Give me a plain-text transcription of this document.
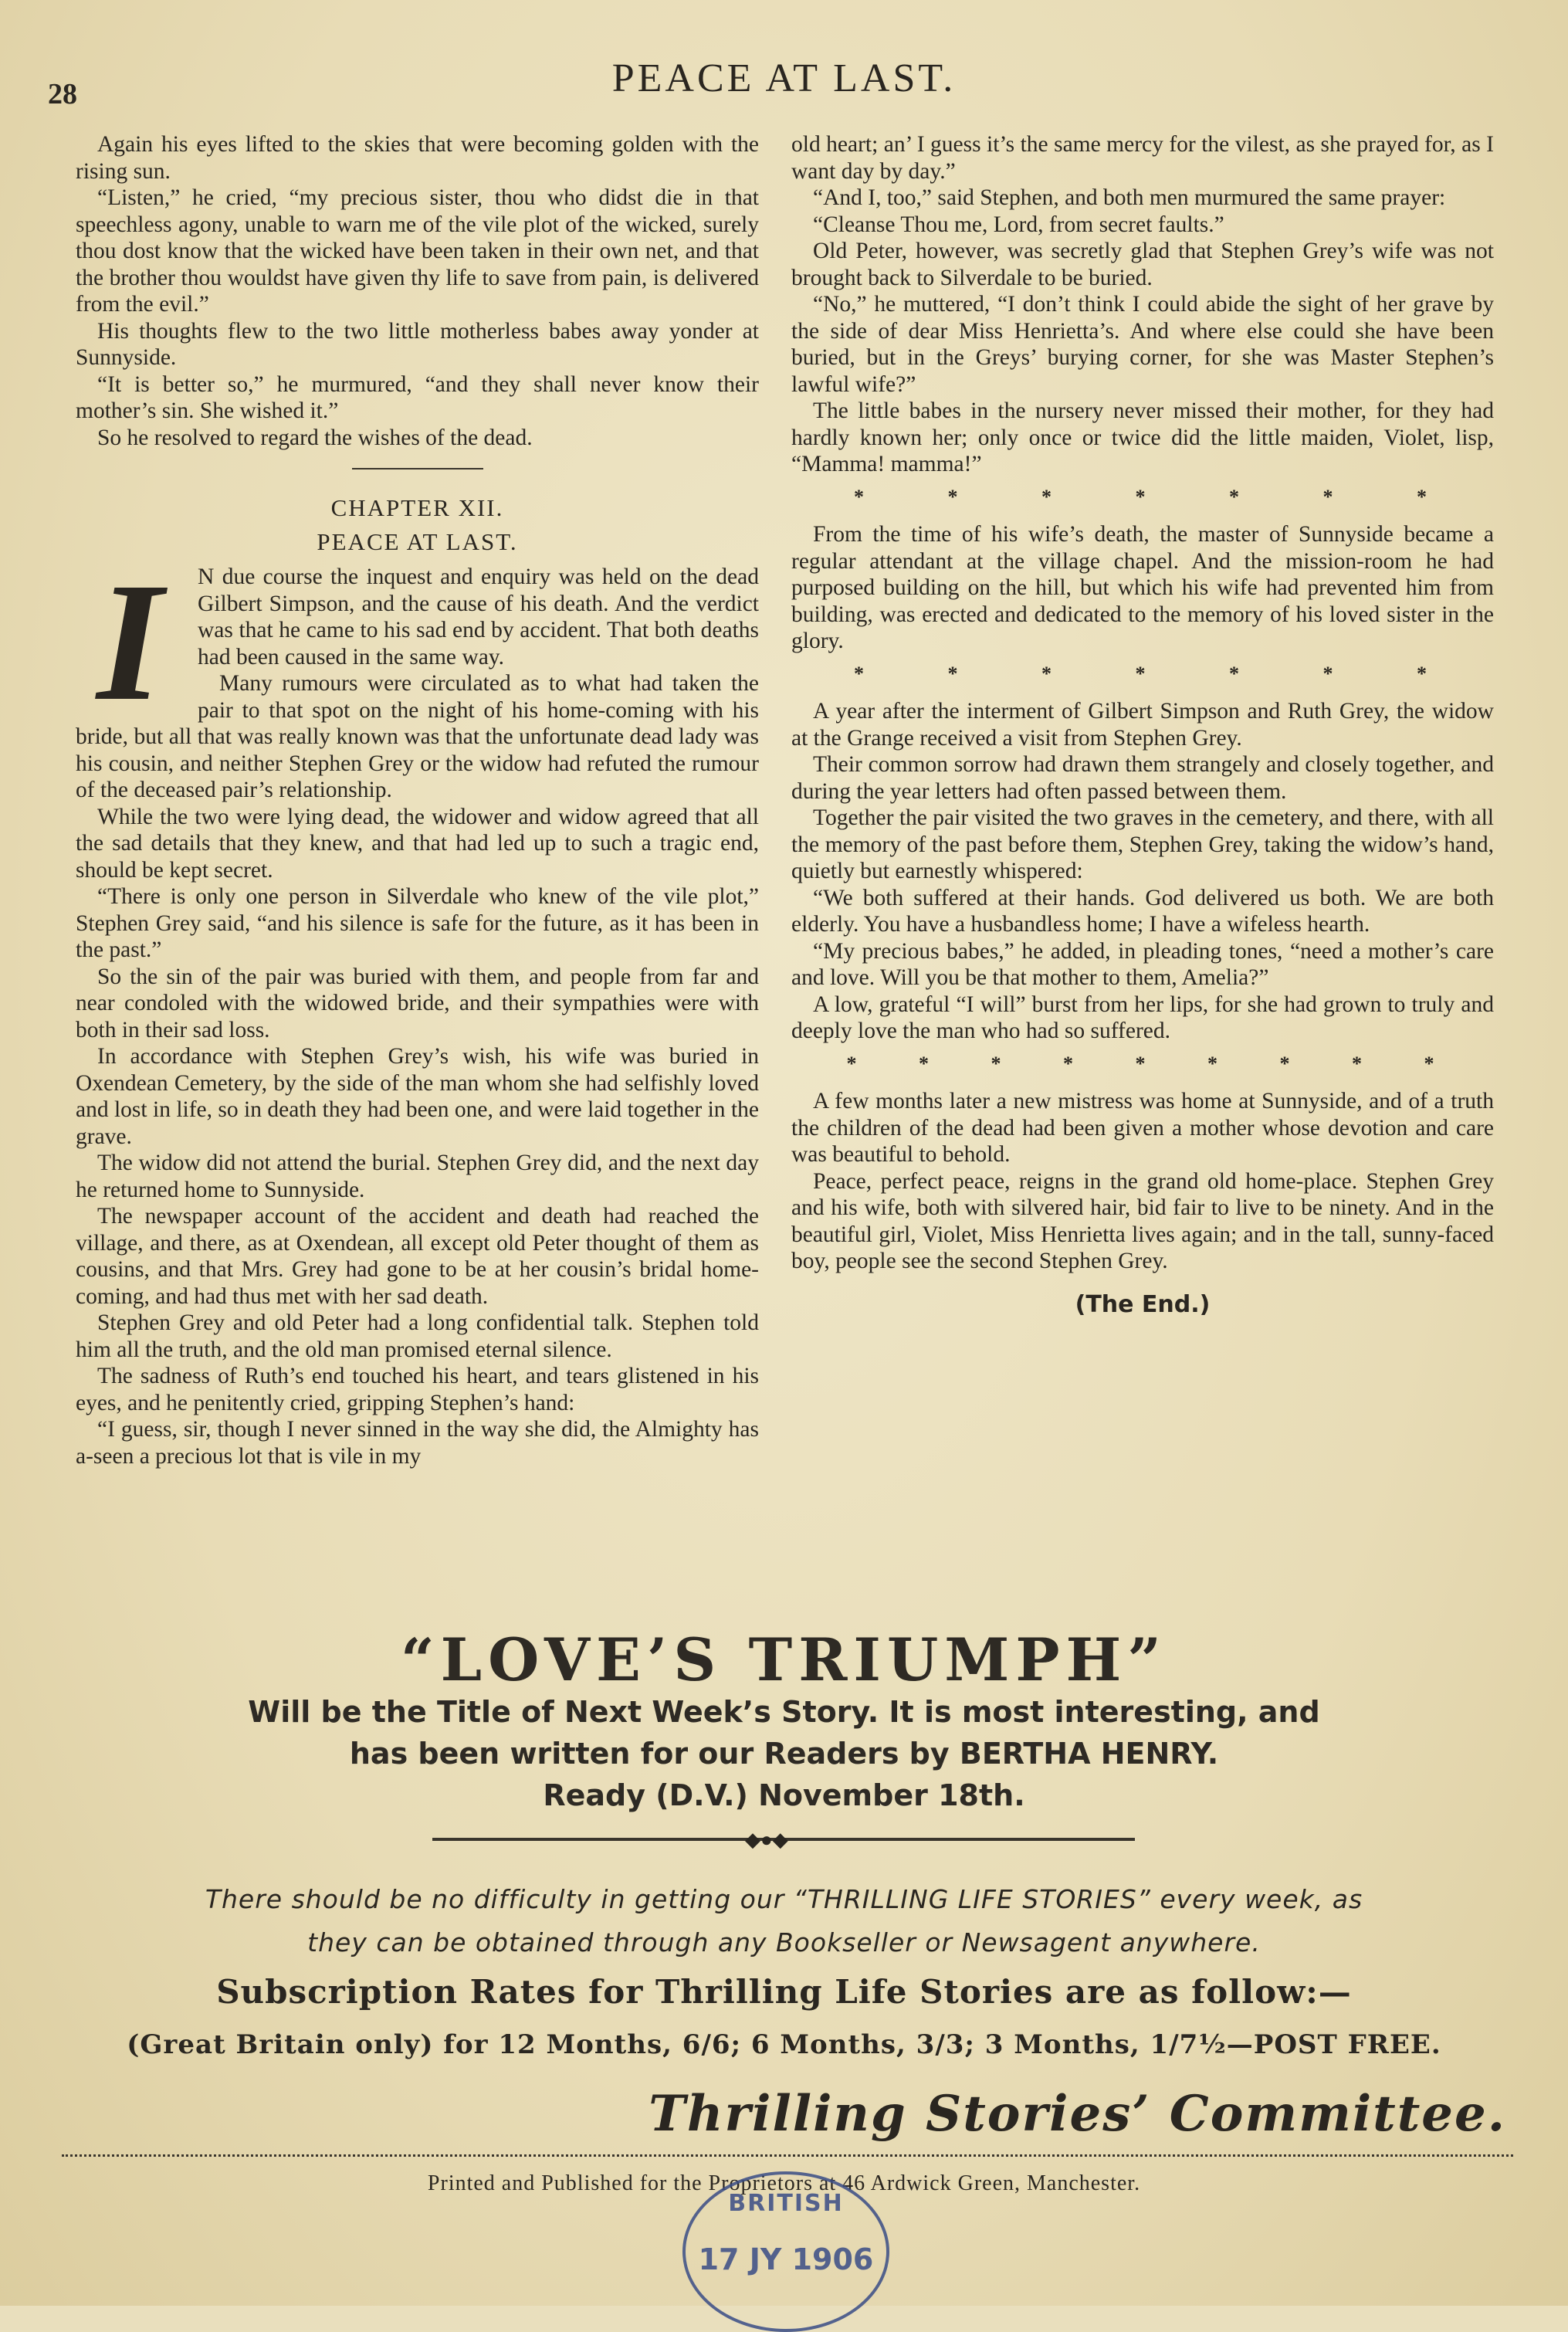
28	PEACE AT LAST.

Again his eyes lifted to the skies that were becoming golden with the rising sun.

“Listen,” he cried, “my precious sister, thou who didst die in that speechless agony, unable to warn me of the vile plot of the wicked, surely thou dost know that the wicked have been taken in their own net, and that the brother thou wouldst have given thy life to save from pain, is delivered from the evil.”

His thoughts flew to the two little motherless babes away yonder at Sunnyside.

“It is better so,” he murmured, “and they shall never know their mother’s sin. She wished it.”

So he resolved to regard the wishes of the dead.

CHAPTER XII.
PEACE AT LAST.
I	N due course the inquest and enquiry was held on the dead Gilbert Simpson, and the cause of his death. And the verdict was that he came to his sad end by accident. That both deaths had been caused in the same way.

Many rumours were circulated as to what had taken the pair to that spot on the night of his home-coming with his bride, but all that was really known was that the unfortunate dead lady was his cousin, and neither Stephen Grey or the widow had refuted the rumour of the deceased pair’s relationship.

While the two were lying dead, the widower and widow agreed that all the sad details that they knew, and that had led up to such a tragic end, should be kept secret.

“There is only one person in Silverdale who knew of the vile plot,” Stephen Grey said, “and his silence is safe for the future, as it has been in the past.”

So the sin of the pair was buried with them, and people from far and near condoled with the widowed bride, and their sympathies were with both in their sad loss.

In accordance with Stephen Grey’s wish, his wife was buried in Oxendean Cemetery, by the side of the man whom she had selfishly loved and lost in life, so in death they had been one, and were laid together in the grave.

The widow did not attend the burial. Stephen Grey did, and the next day he returned home to Sunnyside.

The newspaper account of the accident and death had reached the village, and there, as at Oxendean, all except old Peter thought of them as cousins, and that Mrs. Grey had gone to be at her cousin’s bridal home-coming, and had thus met with her sad death.

Stephen Grey and old Peter had a long confidential talk. Stephen told him all the truth, and the old man promised eternal silence.

The sadness of Ruth’s end touched his heart, and tears glistened in his eyes, and he penitently cried, gripping Stephen’s hand:

“I guess, sir, though I never sinned in the way she did, the Almighty has a-seen a precious lot that is vile in my

old heart; an’ I guess it’s the same mercy for the vilest, as she prayed for, as I want day by day.”

“And I, too,” said Stephen, and both men murmured the same prayer:

“Cleanse Thou me, Lord, from secret faults.”

Old Peter, however, was secretly glad that Stephen Grey’s wife was not brought back to Silverdale to be buried.

“No,” he muttered, “I don’t think I could abide the sight of her grave by the side of dear Miss Henrietta’s. And where else could she have been buried, but in the Greys’ burying corner, for she was Master Stephen’s lawful wife?”

The little babes in the nursery never missed their mother, for they had hardly known her; only once or twice did the little maiden, Violet, lisp, “Mamma! mamma!”

* * * * * * *

From the time of his wife’s death, the master of Sunnyside became a regular attendant at the village chapel. And the mission-room he had purposed building on the hill, but which his wife had prevented him from building, was erected and dedicated to the memory of his loved sister in the glory.

* * * * * * *

A year after the interment of Gilbert Simpson and Ruth Grey, the widow at the Grange received a visit from Stephen Grey.

Their common sorrow had drawn them strangely and closely together, and during the year letters had often passed between them.

Together the pair visited the two graves in the cemetery, and there, with all the memory of the past before them, Stephen Grey, taking the widow’s hand, quietly but earnestly whispered:

“We both suffered at their hands. God delivered us both. We are both elderly. You have a husbandless home; I have a wifeless hearth.

“My precious babes,” he added, in pleading tones, “need a mother’s care and love. Will you be that mother to them, Amelia?”

A low, grateful “I will” burst from her lips, for she had grown to truly and deeply love the man who had so suffered.

* * * * * * * * *

A few months later a new mistress was home at Sunnyside, and of a truth the children of the dead had been given a mother whose devotion and care was beautiful to behold.

Peace, perfect peace, reigns in the grand old home-place. Stephen Grey and his wife, both with silvered hair, bid fair to live to be ninety. And in the beautiful girl, Violet, Miss Henrietta lives again; and in the tall, sunny-faced boy, people see the second Stephen Grey.

(The End.)
“LOVE’S TRIUMPH”
Will be the Title of Next Week’s Story. It is most interesting, and
has been written for our Readers by BERTHA HENRY.
Ready (D.V.) November 18th.
◆●◆
There should be no difficulty in getting our “THRILLING LIFE STORIES” every week, as
they can be obtained through any Bookseller or Newsagent anywhere.
Subscription Rates for Thrilling Life Stories are as follow:—
(Great Britain only) for 12 Months, 6/6; 6 Months, 3/3; 3 Months, 1/7½—POST FREE.
Thrilling Stories’ Committee.
Printed and Published for the Proprietors at 46 Ardwick Green, Manchester.
BRITISH
17 JY 1906
